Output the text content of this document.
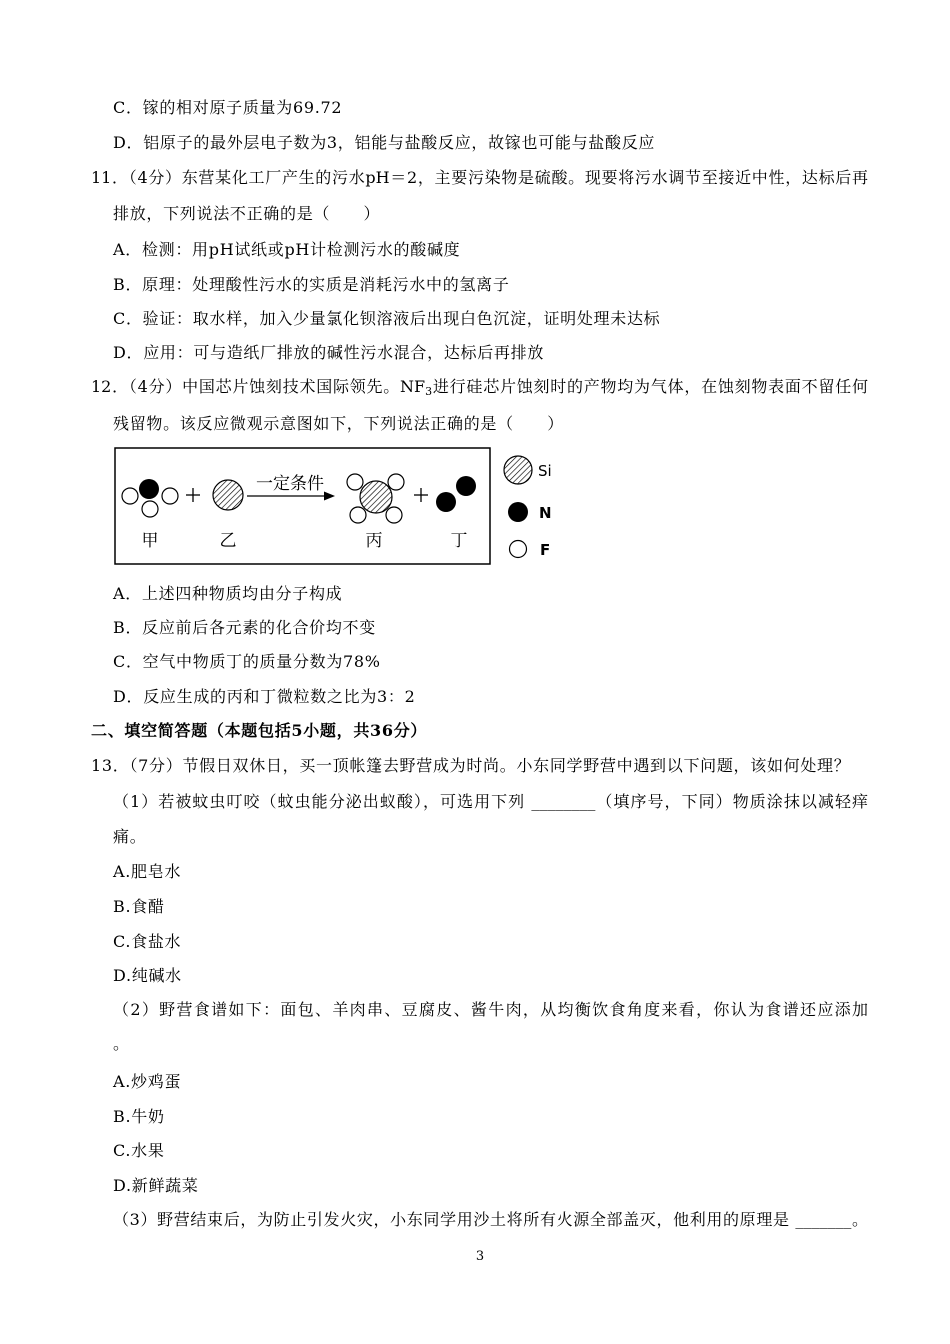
C．镓的相对原子质量为69.72
D．铝原子的最外层电子数为3，铝能与盐酸反应，故镓也可能与盐酸反应
11．（4分）东营某化工厂产生的污水pH＝2，主要污染物是硫酸。现要将污水调节至接近中性，达标后再
排放，下列说法不正确的是（　　）
A．检测：用pH试纸或pH计检测污水的酸碱度
B．原理：处理酸性污水的实质是消耗污水中的氢离子
C．验证：取水样，加入少量氯化钡溶液后出现白色沉淀，证明处理未达标
D．应用：可与造纸厂排放的碱性污水混合，达标后再排放
12．（4分）中国芯片蚀刻技术国际领先。$NF_3$进行硅芯片蚀刻时的产物均为气体，在蚀刻物表面不留任何
残留物。该反应微观示意图如下，下列说法正确的是（　　）
一定条件
甲	乙	丙	丁
Si
N
F
A．上述四种物质均由分子构成
B．反应前后各元素的化合价均不变
C．空气中物质丁的质量分数为78%
D．反应生成的丙和丁微粒数之比为3：2
二、填空简答题（本题包括5小题，共36分）
13．（7分）节假日双休日，买一顶帐篷去野营成为时尚。小东同学野营中遇到以下问题，该如何处理？
（1）若被蚊虫叮咬（蚊虫能分泌出蚁酸），可选用下列 ________（填序号，下同）物质涂抹以减轻痒
痛。
A.肥皂水
B.食醋
C.食盐水
D.纯碱水
（2）野营食谱如下：面包、羊肉串、豆腐皮、酱牛肉，从均衡饮食角度来看，你认为食谱还应添加
。
A.炒鸡蛋
B.牛奶
C.水果
D.新鲜蔬菜
（3）野营结束后，为防止引发火灾，小东同学用沙土将所有火源全部盖灭，他利用的原理是 _______。
3
